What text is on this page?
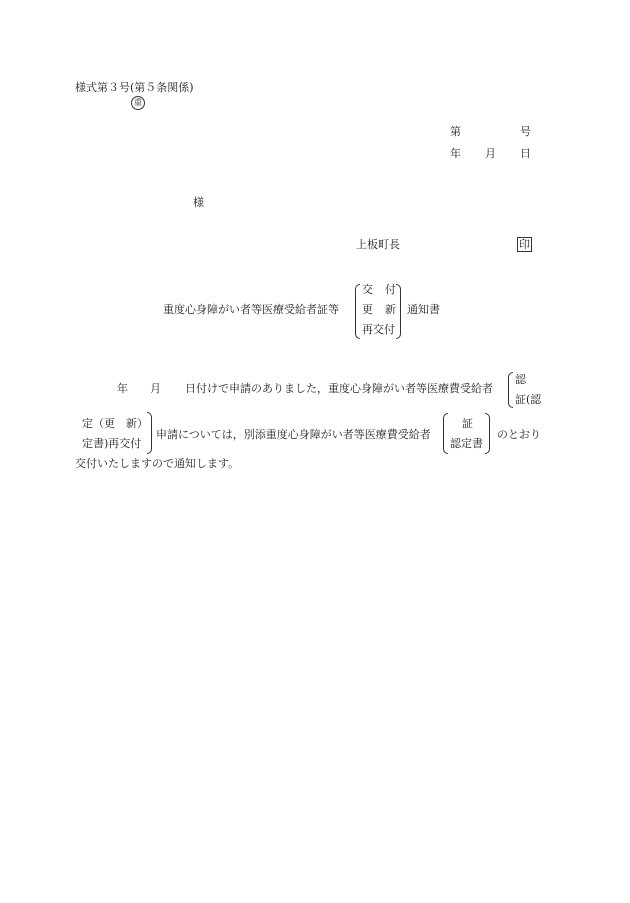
様式第３号(第５条関係)
重
第	号
年 月 日
様
上板町長	印
重度心身障がい者等医療受給者証等
交 付
更 新
再交付
通知書
年 月 日付けで申請のありました，重度心身障がい者等医療費受給者
認
証(認
定（更　新）
定書)再交付
申請については，別添重度心身障がい者等医療費受給者
証
認定書
のとおり
交付いたしますので通知します。
